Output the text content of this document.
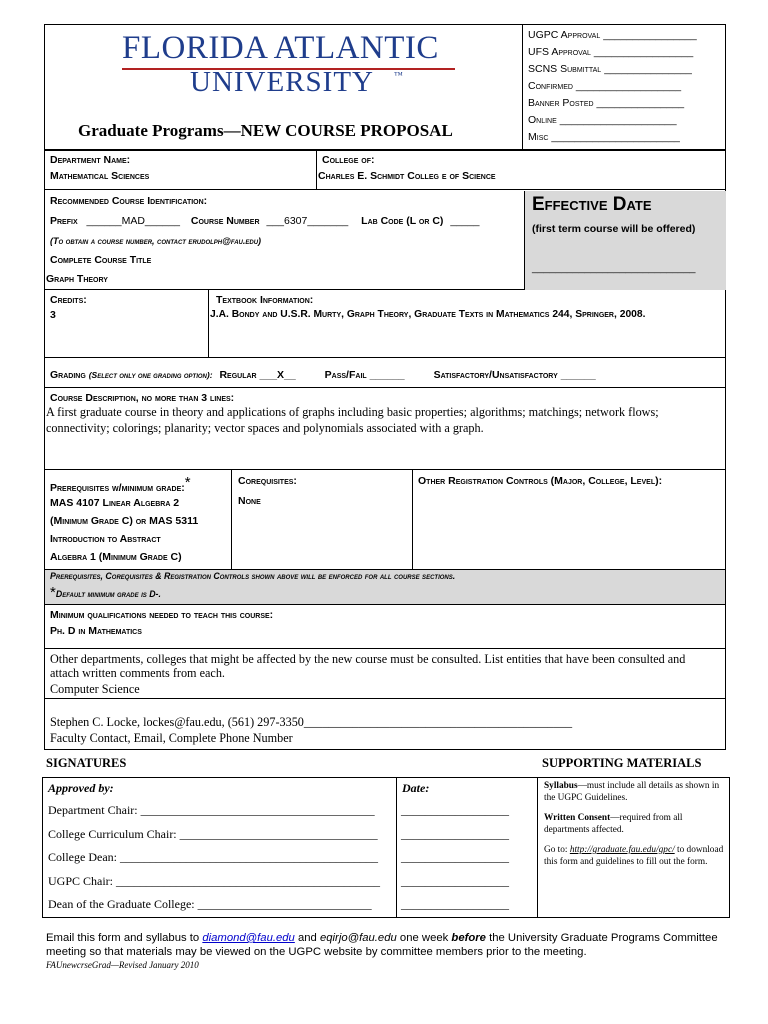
FLORIDA ATLANTIC
UNIVERSITY ™
Graduate Programs—NEW COURSE PROPOSAL
UGPC Approval ________________
UFS Approval _________________
SCNS Submittal _______________
Confirmed __________________
Banner Posted _______________
Online ____________________
Misc ______________________
Department Name:
Mathematical Sciences
College of:
Charles E. Schmidt Colleg e of Science
Recommended Course Identification:
Prefix ______MAD______ Course Number ___6307_______ Lab Code (L or C) _____
(To obtain a course number, contact erudolph@fau.edu)
Complete Course Title
Graph Theory
Effective Date
(first term course will be offered)
____________________________
Credits:
3
Textbook Information:
J.A. Bondy and U.S.R. Murty, Graph Theory, Graduate Texts in Mathematics 244, Springer, 2008.
Grading (Select only one grading option): Regular ___X__	Pass/Fail ______	Satisfactory/Unsatisfactory ______
Course Description, no more than 3 lines:
A first graduate course in theory and applications of graphs including basic properties; algorithms; matchings; network flows;
connectivity; colorings; planarity; vector spaces and polynomials associated with a graph.
Prerequisites w/minimum grade:*
MAS 4107 Linear Algebra 2
(Minimum Grade C) or MAS 5311
Introduction to Abstract
Algebra 1 (Minimum Grade C)
Corequisites:
None
Other Registration Controls (Major, College, Level):
Prerequisites, Corequisites & Registration Controls shown above will be enforced for all course sections.
*Default minimum grade is D-.
Minimum qualifications needed to teach this course:
Ph. D in Mathematics
Other departments, colleges that might be affected by the new course must be consulted. List entities that have been consulted and
attach written comments from each.
Computer Science
Stephen C. Locke, lockes@fau.edu, (561) 297-3350____________________________________________
Faculty Contact, Email, Complete Phone Number
SIGNATURES	SUPPORTING MATERIALS
Approved by:	Date:
Department Chair: _______________________________________ __________________
College Curriculum Chair: _________________________________ __________________
College Dean: ___________________________________________ __________________
UGPC Chair: ____________________________________________ __________________
Dean of the Graduate College: _____________________________ __________________
Syllabus—must include all details as shown in the UGPC Guidelines.
Written Consent—required from all departments affected.
Go to: http://graduate.fau.edu/gpc/ to download this form and guidelines to fill out the form.
Email this form and syllabus to diamond@fau.edu and eqirjo@fau.edu one week before the University Graduate Programs Committee
meeting so that materials may be viewed on the UGPC website by committee members prior to the meeting.
FAUnewcrseGrad—Revised January 2010
